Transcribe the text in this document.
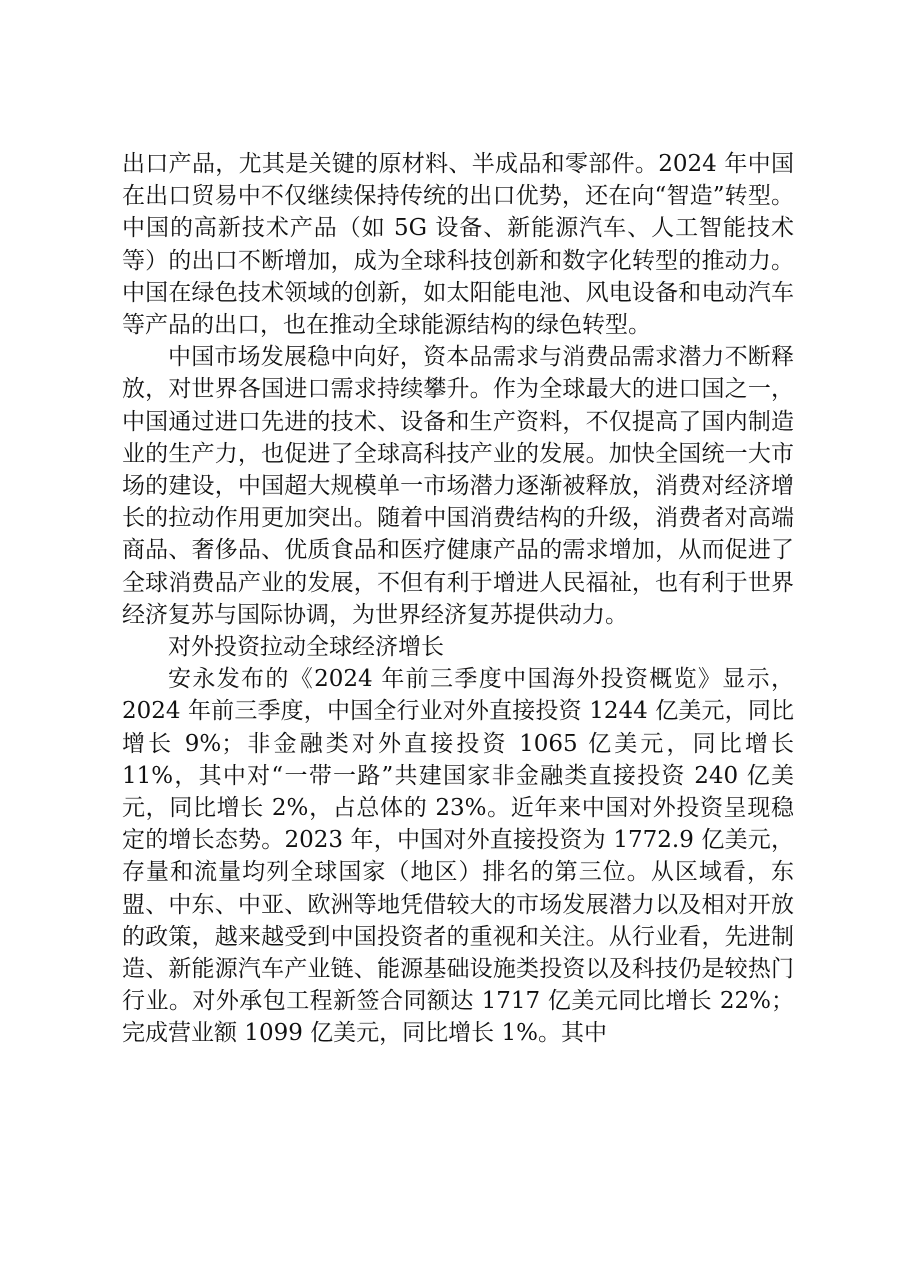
出口产品，尤其是关键的原材料、半成品和零部件。2024 年中国在出口贸易中不仅继续保持传统的出口优势，还在向“智造”转型。中国的高新技术产品（如 5G 设备、新能源汽车、人工智能技术等）的出口不断增加，成为全球科技创新和数字化转型的推动力。中国在绿色技术领域的创新，如太阳能电池、风电设备和电动汽车等产品的出口，也在推动全球能源结构的绿色转型。

中国市场发展稳中向好，资本品需求与消费品需求潜力不断释放，对世界各国进口需求持续攀升。作为全球最大的进口国之一，中国通过进口先进的技术、设备和生产资料，不仅提高了国内制造业的生产力，也促进了全球高科技产业的发展。加快全国统一大市场的建设，中国超大规模单一市场潜力逐渐被释放，消费对经济增长的拉动作用更加突出。随着中国消费结构的升级，消费者对高端商品、奢侈品、优质食品和医疗健康产品的需求增加，从而促进了全球消费品产业的发展，不但有利于增进人民福祉，也有利于世界经济复苏与国际协调，为世界经济复苏提供动力。

对外投资拉动全球经济增长

安永发布的《2024 年前三季度中国海外投资概览》显示，2024 年前三季度，中国全行业对外直接投资 1244 亿美元，同比增长 9%；非金融类对外直接投资 1065 亿美元，同比增长 11%，其中对“一带一路”共建国家非金融类直接投资 240 亿美元，同比增长 2%，占总体的 23%。近年来中国对外投资呈现稳定的增长态势。2023 年，中国对外直接投资为 1772.9 亿美元，存量和流量均列全球国家（地区）排名的第三位。从区域看，东盟、中东、中亚、欧洲等地凭借较大的市场发展潜力以及相对开放的政策，越来越受到中国投资者的重视和关注。从行业看，先进制造、新能源汽车产业链、能源基础设施类投资以及科技仍是较热门行业。对外承包工程新签合同额达 1717 亿美元同比增长 22%；完成营业额 1099 亿美元，同比增长 1%。其中
